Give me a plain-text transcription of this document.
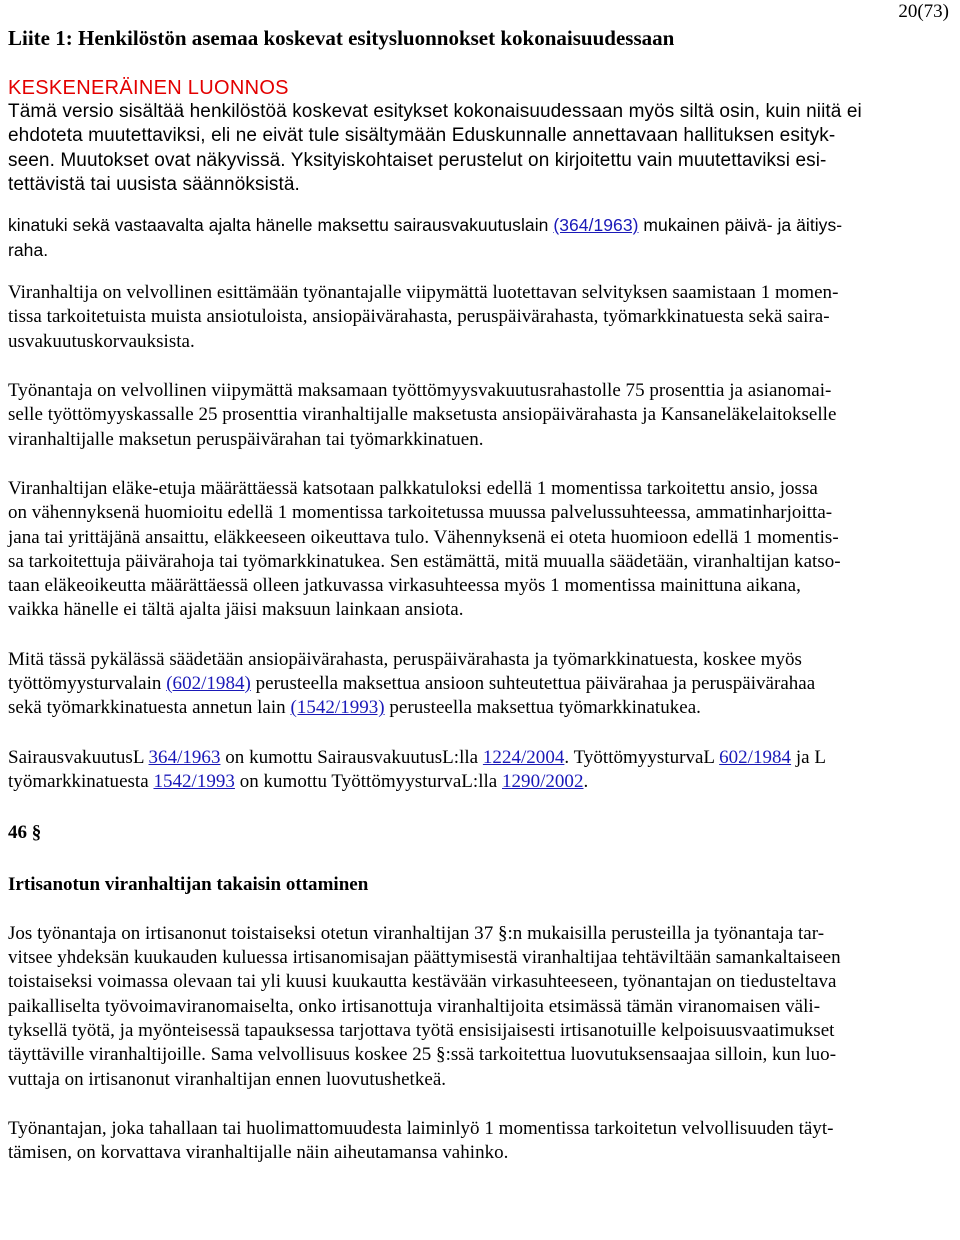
20(73)
Liite 1: Henkilöstön asemaa koskevat esitysluonnokset kokonaisuudessaan
KESKENERÄINEN LUONNOS
Tämä versio sisältää henkilöstöä koskevat esitykset kokonaisuudessaan myös siltä osin, kuin niitä ei
ehdoteta muutettaviksi, eli ne eivät tule sisältymään Eduskunnalle annettavaan hallituksen esityk-
seen. Muutokset ovat näkyvissä. Yksityiskohtaiset perustelut on kirjoitettu vain muutettaviksi esi-
tettävistä tai uusista säännöksistä.
kinatuki sekä vastaavalta ajalta hänelle maksettu sairausvakuutuslain (364/1963) mukainen päivä- ja äitiys-
raha.

Viranhaltija on velvollinen esittämään työnantajalle viipymättä luotettavan selvityksen saamistaan 1 momen-
tissa tarkoitetuista muista ansiotuloista, ansiopäivärahasta, peruspäivärahasta, työmarkkinatuesta sekä saira-
usvakuutuskorvauksista.

Työnantaja on velvollinen viipymättä maksamaan työttömyysvakuutusrahastolle 75 prosenttia ja asianomai-
selle työttömyyskassalle 25 prosenttia viranhaltijalle maksetusta ansiopäivärahasta ja Kansaneläkelaitokselle
viranhaltijalle maksetun peruspäivärahan tai työmarkkinatuen.

Viranhaltijan eläke-etuja määrättäessä katsotaan palkkatuloksi edellä 1 momentissa tarkoitettu ansio, jossa
on vähennyksenä huomioitu edellä 1 momentissa tarkoitetussa muussa palvelussuhteessa, ammatinharjoitta-
jana tai yrittäjänä ansaittu, eläkkeeseen oikeuttava tulo. Vähennyksenä ei oteta huomioon edellä 1 momentis-
sa tarkoitettuja päivärahoja tai työmarkkinatukea. Sen estämättä, mitä muualla säädetään, viranhaltijan katso-
taan eläkeoikeutta määrättäessä olleen jatkuvassa virkasuhteessa myös 1 momentissa mainittuna aikana,
vaikka hänelle ei tältä ajalta jäisi maksuun lainkaan ansiota.

Mitä tässä pykälässä säädetään ansiopäivärahasta, peruspäivärahasta ja työmarkkinatuesta, koskee myös
työttömyysturvalain (602/1984) perusteella maksettua ansioon suhteutettua päivärahaa ja peruspäivärahaa
sekä työmarkkinatuesta annetun lain (1542/1993) perusteella maksettua työmarkkinatukea.

SairausvakuutusL 364/1963 on kumottu SairausvakuutusL:lla 1224/2004. TyöttömyysturvaL 602/1984 ja L
työmarkkinatuesta 1542/1993 on kumottu TyöttömyysturvaL:lla 1290/2002.

46 §

Irtisanotun viranhaltijan takaisin ottaminen

Jos työnantaja on irtisanonut toistaiseksi otetun viranhaltijan 37 §:n mukaisilla perusteilla ja työnantaja tar-
vitsee yhdeksän kuukauden kuluessa irtisanomisajan päättymisestä viranhaltijaa tehtäviltään samankaltaiseen
toistaiseksi voimassa olevaan tai yli kuusi kuukautta kestävään virkasuhteeseen, työnantajan on tiedusteltava
paikalliselta työvoimaviranomaiselta, onko irtisanottuja viranhaltijoita etsimässä tämän viranomaisen väli-
tyksellä työtä, ja myönteisessä tapauksessa tarjottava työtä ensisijaisesti irtisanotuille kelpoisuusvaatimukset
täyttäville viranhaltijoille. Sama velvollisuus koskee 25 §:ssä tarkoitettua luovutuksensaajaa silloin, kun luo-
vuttaja on irtisanonut viranhaltijan ennen luovutushetkeä.

Työnantajan, joka tahallaan tai huolimattomuudesta laiminlyö 1 momentissa tarkoitetun velvollisuuden täyt-
tämisen, on korvattava viranhaltijalle näin aiheutamansa vahinko.
